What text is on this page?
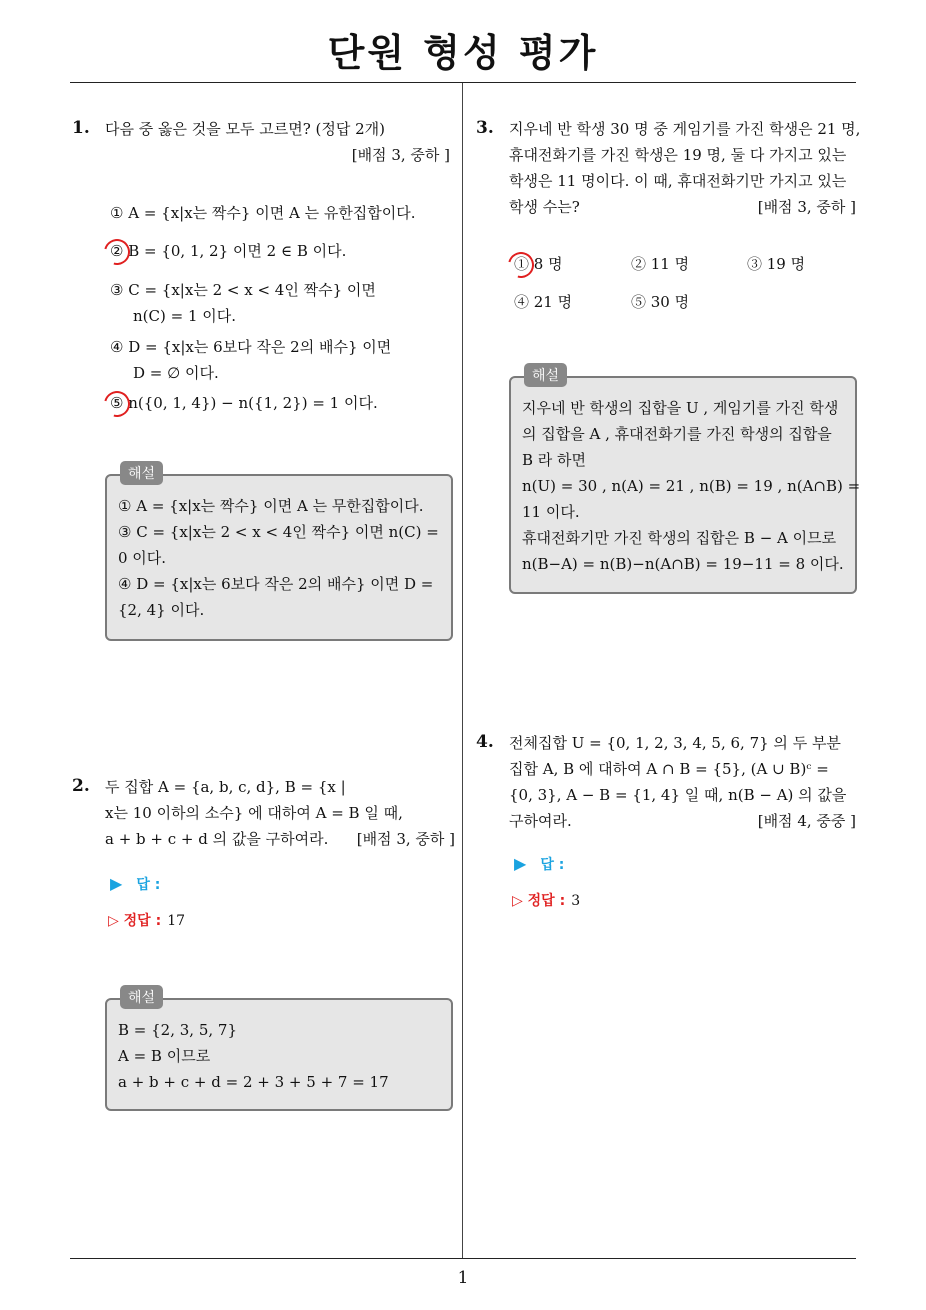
단원 형성 평가
1. 다음 중 옳은 것을 모두 고르면? (정답 2개)
[배점 3, 중하 ]
① A = {x|x는 짝수} 이면 A 는 유한집합이다.
② B = {0, 1, 2} 이면 2 ∈ B 이다.
③ C = {x|x는 2 < x < 4인 짝수} 이면
n(C) = 1 이다.
④ D = {x|x는 6보다 작은 2의 배수} 이면
D = ∅ 이다.
⑤ n({0, 1, 4}) − n({1, 2}) = 1 이다.
해설
① A = {x|x는 짝수} 이면 A 는 무한집합이다.
③ C = {x|x는 2 < x < 4인 짝수} 이면 n(C) =
0 이다.
④ D = {x|x는 6보다 작은 2의 배수} 이면 D =
{2, 4} 이다.
2. 두 집합 A = {a, b, c, d}, B = {x |
x는 10 이하의 소수} 에 대하여 A = B 일 때,
a + b + c + d 의 값을 구하여라.	[배점 3, 중하 ]
▶ 답 :
▷ 정답 : 17
해설
B = {2, 3, 5, 7}
A = B 이므로
a + b + c + d = 2 + 3 + 5 + 7 = 17
3. 지우네 반 학생 30 명 중 게임기를 가진 학생은 21 명,
휴대전화기를 가진 학생은 19 명, 둘 다 가지고 있는
학생은 11 명이다. 이 때, 휴대전화기만 가지고 있는
학생 수는?	[배점 3, 중하 ]
① 8 명	② 11 명	③ 19 명
④ 21 명	⑤ 30 명
해설
지우네 반 학생의 집합을 U , 게임기를 가진 학생
의 집합을 A , 휴대전화기를 가진 학생의 집합을
B 라 하면
n(U) = 30 , n(A) = 21 , n(B) = 19 , n(A∩B) =
11 이다.
휴대전화기만 가진 학생의 집합은 B − A 이므로
n(B−A) = n(B)−n(A∩B) = 19−11 = 8 이다.
4. 전체집합 U = {0, 1, 2, 3, 4, 5, 6, 7} 의 두 부분
집합 A, B 에 대하여 A ∩ B = {5}, (A ∪ B)ᶜ =
{0, 3}, A − B = {1, 4} 일 때, n(B − A) 의 값을
구하여라.	[배점 4, 중중 ]
▶ 답 :
▷ 정답 : 3
1
